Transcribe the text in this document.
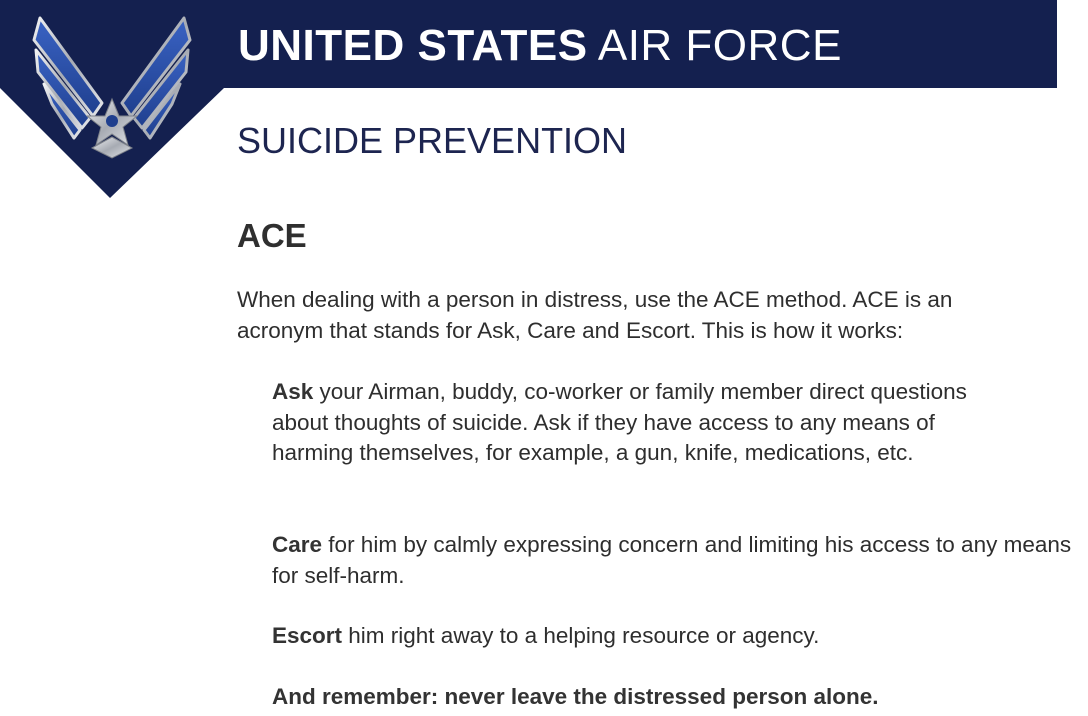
UNITED STATES AIR FORCE
SUICIDE PREVENTION
ACE

When dealing with a person in distress, use the ACE method. ACE is an acronym that stands for Ask, Care and Escort. This is how it works:

Ask your Airman, buddy, co-worker or family member direct questions about thoughts of suicide. Ask if they have access to any means of harming themselves, for example, a gun, knife, medications, etc.

Care for him by calmly expressing concern and limiting his access to any means for self-harm.

Escort him right away to a helping resource or agency.

And remember: never leave the distressed person alone.
